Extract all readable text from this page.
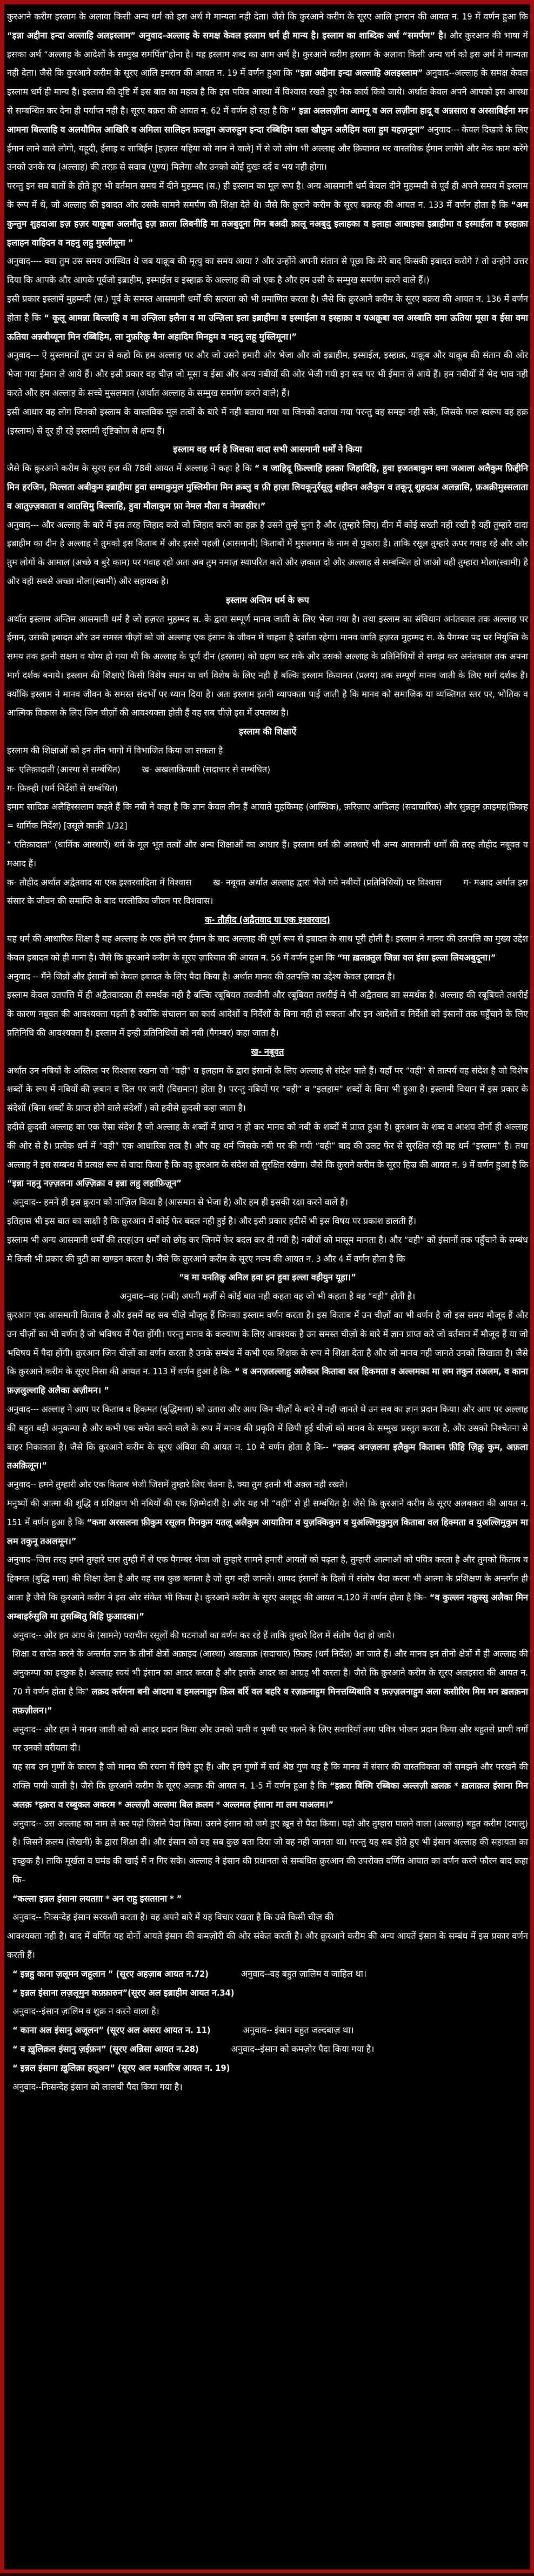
कुरआने करीम इस्लाम के अलावा किसी अन्य धर्म को इस अर्थ मे मान्यता नही देता। जैसे कि कुरआने करीम के सूरए आलि इमरान की आयत न. 19 में वर्णन हुआ कि “इन्ना अद्दीना इन्दा अल्लाहि अलइस्लाम” अनुवाद–अल्लाह के समक्ष केवल इस्लाम धर्म ही मान्य है। इस्लाम का शाब्दिक अर्थ “समर्पण” है। और कुरआन की भाषा में इसका अर्थ “अल्लाह के आदेशों के सम्मुख समर्पित”होना है। यह इस्लाम शब्द का आम अर्थ है। कुरआने करीम इस्लाम के अलावा किसी अन्य धर्म को इस अर्थ मे मान्यता नही देता। जैसे कि कुरआने करीम के सूरए आलि इमरान की आयत न. 19 में वर्णन हुआ कि “इन्ना अद्दीना इन्दा अल्लाहि अलइस्लाम” अनुवाद--अल्लाह के समक्ष केवल इस्लाम धर्म ही मान्य है। इस्लाम की दृष्टि में इस बात का महत्व है कि इस पवित्र आस्था में विश्वास रखते हुए नेक कार्य किये जाये। अर्थात केवल अपने आपको इस आस्था से सम्बन्धित कर देना ही पर्याप्त नही है। सूरए बक़रा की आयत न. 62 में वर्णन हो रहा है कि “ इन्ना अललज़ीना आमनू व अल लज़ीना हादू व अन्नसारा व अस्साबिईना मन आमना बिल्लाहि व अलयौमिल आखिरि व अमिला सालिहन फ़लहुम अजरुहुम इन्दा रब्बिहिम वला खौफ़ुन अलैहिम वला हुम यहज़नूना” अनुवाद--- केवल दिखावे के लिए ईमान लाने वाले लोगो, यहूदी, ईसाइ व साबिईन [हज़रत यहिया को मान ने वाले] में से जो लोग भी अल्लाह और क़ियामत पर वास्तविक ईमान लायेंगे और नेक काम करेंगे उनको उनके रब (अल्लाह) की तरफ़ से सवाब (पुण्य) मिलेगा और उनको कोई दुखः दर्द व भय नही होगा।

परन्तु इन सब बातों के होते हुए भी वर्तमान समय में दीने मुहम्मद (स.) ही इस्लाम का मूल रूप है। अन्य आसमानी धर्म केवल दीने मुहम्मदी से पूर्व ही अपने समय में इस्लाम के रूप में थे, जो अल्लाह की इबादत ओर उसके सामने समर्पण की शिक्षा देते थे। जैसे कि क़ुराने करीम के सूरए बक़रह की आयत न. 133 में वर्णन होता है कि “अम कुन्तुम शुहदाआ इज़ हज़र याकूबा अलमौतु इज़ क़ाला लिबनीहि मा तअबुदूना मिन बअदी क़ालू नअबुदु इलाहका व इलाहा आबाइका इब्राहीमा व इस्माईला व इस्हाक़ा इलाहन वाहिदन व नहनु लहु मुस्लीमूना ”

अनुवाद---- क्या तुम उस समय उपस्थित थे जब याक़ूब की मृत्यु का समय आया ? और उन्होंने अपनी संतान से पूछा कि मेरे बाद किसकी इबादत करोगे ? तो उन्होने उत्तर दिया कि आपके और आपके पूर्वजो इब्राहीम, इस्माईल व इस्हाक़ के अल्लाह की जो एक है और हम उसी के सम्मुख समर्पण करने वाले हैं।)

इसी प्रकार इस्लामें मुहम्मदी (स.) पूर्व के समस्त आसमानी धर्मों की सत्यता को भी प्रमाणित करता है। जैसे कि क़ुरआने करीम के सूरए बक़रा की आयत न. 136 में वर्णन होता है कि “ कूलू आमन्ना बिल्लाहि व मा उन्ज़िला इलैना व मा उन्ज़िला इला इब्राहीमा व इस्माईला व इस्हाक़ा व यअक़ूबा वल अस्बाति वमा ऊतिया मूसा व ईसा वमा ऊतिया अन्नबीय्यूना मिन रब्बिहिम, ला नुफ़रिक़ु बैना अहादिम मिनहुम व नहनु लहू मुस्लिमूना।”

अनुवाद--- ऐ मुस्लमानों तुम उन से कहो कि हम अल्लाह पर और जो उसने हमारी ओर भेजा और जो इब्राहीम, इस्माईल, इस्हाक़, याक़ूब और याक़ूब की संतान की ओर भेजा गया ईमान ले आये हैं। और इसी प्रकार वह चीज़ जो मूसा व ईसा और अन्य नबीयों की ओर भेजी गयी इन सब पर भी ईमान ले आये हैं। हम नबीयों में भेद भाव नही करते और हम अल्लाह के सच्चे मुसलमान (अर्थात अल्लाह के सम्मुख समर्पण करने वाले) हैं।

इसी आधार वह लोग जिनको इस्लाम के वास्तविक मूल तत्वों के बारे में नही बताया गया या जिनको बताया गया परन्तु वह समझ नही सके, जिसके फल स्वरूप वह हक़ (इस्लाम) से दूर ही रहे इस्लामी दृष्टिकोण से क्षम्य हैं।

इस्लाम वह धर्म है जिसका वादा सभी आसमानी धर्मों ने किया

जैसे कि क़ुरआने करीम के सूरए हज की 78वी आयत में अल्लाह ने कहा है कि “ व जाहिदू फ़िल्लाहि हक़्क़ा जिहादिहि, हुवा इजतबाकुम वमा जआला अलैकुम फ़िद्दीनि मिन हरजिन, मिल्लता अबीकुम इब्राहीमा हुवा सम्माकुमुल मुस्लिमीना मिन क़ब्लु व फ़ी हाज़ा लियकूनुर्रसूलु शहीदन अलैकुम व तकूनू शुहदाअ अलन्नासि, फ़अक़ीमुस्सलाता व आतुज़्ज़काता व आतसिमु बिल्लाहि, हुवा मौलाकुम फ़ा नेमल मौला व नेमन्नसीर।”

अनुवाद--- और अल्लाह के बारे में इस तरह जिहाद करो जो जिहाद करने का हक़ है उसने तुम्हे चुना है और (तुम्हारे लिए) दीन में कोई सख्ती नही रखी है यही तुम्हारे दादा इब्राहीम का दीन है अल्लाह ने तुमको इस किताब में और इससे पहली (आसमानी) किताबों में मुसलमान के नाम से पुकारा है। ताकि रसूल तुम्हारे ऊपर गवाह रहे और और तुम लोगों के आमाल (अच्छे व बुरे काम) पर गवाह रहो अतः अब तुम नमाज़ स्थापरित करो और ज़कात दो और अल्लाह से सम्बन्धित हो जाओ वही तुम्हारा मौला(स्वामी) है और वही सबसे अच्छा मौला(स्वामी) और सहायक है।

इस्लाम अन्तिम धर्म के रूप

अर्थात इस्लाम अन्तिम आसमानी धर्म है जो हज़रत मुहम्मद स. के द्वारा सम्पूर्ण मानव जाती के लिए भेजा गया है। तथा इस्लाम का संविधान अनंतकाल तक अल्लाह पर ईमान, उसकी इबादत और उन समस्त चीज़ों को जो अल्लाह एक इंसान के जीवन में चाहता है दर्शाता रहेगा। मानव जाति हज़रत मुहम्मद स. के पैगम्बर पद पर नियुक्ति के समय तक इतनी सक्षम व योग्य हो गया थी कि अल्लाह के पूर्ण दीन (इस्लाम) को ग्रहण कर सके और उसको अल्लाह के प्रतिनिधियों से समझ कर अनंतकाल तक अपना मार्ग दर्शक बनाये। इस्लाम की शिक्षाऐं किसी विशेष स्थान या वर्ग विशेष के लिए नही हैं बल्कि इस्लाम क़ियामत (प्रलय) तक सम्पूर्ण मानव जाती के लिए मार्ग दर्शक है। क्योंकि इस्लाम ने मानव जीवन के समस्त संदर्भों पर ध्यान दिया है। अतः इस्लाम इतनी व्यापकता पाई जाती है कि मानव को समाजिक या व्यक्तिगत स्तर पर, भौतिक व आत्मिक विकास के लिए जिन चीज़ों की आवश्यक्ता होती हैं वह सब चीज़े इस में उपलब्ध है।

इस्लाम की शिक्षाऐं

इस्लाम की शिक्षाओं को इन तीन भागो में विभाजित किया जा सकता है

क- एतिक़ादाती (आस्था से सम्बंधित) ख- अखलाक़ियाती (सदाचार से सम्बंधित)

ग- फ़िक़्ही (धर्म निर्देशों से सम्बंधित)

इमाम सादिक़ अलैहिस्सलाम कहते हैं कि नबी ने कहा है कि ज्ञान केवल तीन हैं आयाते मुहकिमह (आस्थिक), फ़रिज़ाए आदिलह (सदाचारिक) और सुन्नतुन क़ाइमह(फ़िक़्ह = धार्मिक निर्देश) [उसूले काफ़ी 1/32]

“ एतिक़ादात” (धार्मिक आस्थाऐं) धर्म के मूल भूत तत्वों और अन्य शिक्षाओं का आधार हैं। इस्लाम धर्म की आस्थाऐं भी अन्य आसमानी धर्मों की तरह तौहीद नबूवत व मआद हैं।

क- तौहीद अर्थात अद्वैतवाद या एक इश्वरवादिता में विश्वास ख- नबूवत अर्थात अल्लाह द्वारा भेजे गये नबीयों (प्रतिनिधियों) पर विश्वास ग- मआद अर्थात इस संसार के जीवन की समाप्ति के बाद परलोकिय जीवन पर विशवास।

क- तौहीद (अद्वैतवाद या एक इश्वरवाद)

यह धर्म की आधारिक शिक्षा है यह अल्लाह के एक होने पर ईमान के बाद अल्लाह की पूर्ण रूप से इबादत के साथ पूरी होती है। इस्लाम ने मानव की उतपत्ति का मुख्य उद्देश केवल इबादत को ही माना है। जैसे कि क़ुरआने करीम के सूरए ज़ारियात की आयत न. 56 में वर्णन हुआ कि “मा ख़लक़्तुल जिन्ना वल इंसा इल्ला लियअबुदूना।”

अनुवाद -- मैंने जिन्नों और इंसानों को केवल इबादत के लिए पैदा किया है। अर्थात मानव की उतपत्ति का उद्देश्य केवल इबादत है।

इस्लाम केवल उतपत्ति में ही अद्वैतवादका ही समर्थक नही है बल्कि रबूबियत तकवीनी और रबूबियत तशरीई मे भी अद्वैतवाद का समर्थक है। अल्लाह की रबूबियते तशरीई के कारण नबूवत की आवश्यक्ता पड़ती है क्योंकि संचालन का कार्य आदेशों व निर्देशों के बिना नही हो सकता और इन आदेशों व निर्देशो को इंसानों तक पहुँचाने के लिए प्रतिनिधि की आवश्यक्ता है। इस्लाम में इन्ही प्रतिनिधियों को नबी (पैगम्बर) कहा जाता है।

ख- नबूवत

अर्थात उन नबियों के अस्तित्व पर विश्वास रखना जो “वही” व इलहाम के द्वारा इंसानों के लिए अल्लाह से संदेश पाते हैं। यहाँ पर “वही” से तात्पर्य वह संदेश है जो विशेष शब्दों के रूप में नबियों की ज़बान व दिल पर जारी (विद्यमान) होता है। परन्तु नबियों पर “वही” व “इलहाम” शब्दों के बिना भी हुआ है। इस्लामी विधान में इस प्रकार के संदेशों (बिना शब्दों के प्राप्त होने वाले संदेशों ) को हदीसे क़ुदसी कहा जाता है।

हदीसे क़ुदसी अल्लाह का एक ऐसा संदेश है जो अल्लाह के शब्दों में प्राप्त न हो कर मानव को नबी के शब्दों में प्राप्त हुआ है। क़ुरआन के शब्द व आशय दोनों ही अल्लाह की ओर से है। प्रत्येक धर्म में “वही” एक आधारिक तत्व है। और वह धर्म जिसके नबी पर की गयी “वही” बाद की उलट फेर से सुरक्षित रही वह धर्म “इस्लाम” है। तथा अल्लाह ने इस सम्बन्ध में प्रत्यक्ष रूप से वादा किया है कि वह क़ुरआन के संदेश को सुरक्षित रखेगा। जैसे कि क़ुराने करीम के सूरए हिज्र की आयत न. 9 में वर्णन हुआ है कि “इन्ना नहनु नज़्ज़लना अज़्ज़िक्रा व इन्ना लहु लहाफ़िज़ून”

अनुवाद-- हमने ही इस क़ुरान को नाज़िल किया है (आसमान से भेजा है) और हम ही इसकी रक्षा करने वाले हैं।

इतिहास भी इस बात का साक्षी है कि क़ुरआन में कोई फेर बदल नही हुई है। और इसी प्रकार हदीसें भी इस विषय पर प्रकाश डालती हैं।

इस्लाम भी अन्य आसमानी धर्मों की तरह(उन धर्मों को छोड़ कर जिनमें फेर बदल कर दी गयी है) नबीयों को मासूम मानता है। और “वही” को इंसानों तक पहुँचाने के सम्बंध मे किसी भी प्रकार की त्रुटी का खण्डन करता है। जैसे कि क़ुरआने करीम के सूरए नज्म की आयत न. 3 और 4 में वर्णन होता है कि

“व मा यनतिक़ु अनिल हवा इन हुवा इल्ला वहीयुन यूहा।”

अनुवाद--वह (नबी) अपनी मर्ज़ी से कोई बात नही कहता वह जो भी कहता है वह “वही” होती है।

क़ुरआन एक आसमानी किताब है और इसमें वह सब चीज़े मौजूद हैं जिनका इस्लाम वर्णन करता है। इस किताब में उन चीज़ों का भी वर्णन है जो इस समय मौजूद हैं और उन चीज़ों का भी वर्णन है जो भविषय में पैदा होंगी। परन्तु मानव के कल्याण के लिए आवश्यक है उन समस्त चीज़ो के बारे में ज्ञान प्राप्त करे जो वर्तमान में मौजूद हैं या जो भविषय में पैदा होंगी। क़ुरआन जिन चीज़ों का वर्णन करता है उनके सम्बंध में कभी एक शिक्षक के रूप मे शिक्षा देता है और जो मानव नही जानते उनको सिखाता है। जैसे कि क़ुरआने करीम के सूरए निसा की आयत न. 113 में वर्णन हुआ है कि- “ व अनज़लल्लाहु अलैकल किताबा वल हिकमता व अल्लमका मा लम तकुन तअलम, व काना फ़ज़लुल्लाहि अलैका अज़ीमन। ”

अनुवाद--- अल्लाह ने आप पर किताब व हिकमत (बुद्धिमत्ता) को उतारा और आप जिन चीज़ों के बारे में नही जानते थे उन सब का ज्ञान प्रदान किया। और आप पर अल्लाह की बहुत बड़ी अनुकम्पा है और कभी एक सचेत करने वाले के रूप में मानव की प्रकृति में छिपी हुई चीज़ों को मानव के सम्मुख प्रस्तुत करता है, और उसको निश्चेतना से बाहर निकालता है। जैसे कि क़ुरआने करीम के सूरए अंबिया की आयत न. 10 मे वर्णन होता है कि-- “लक़द अनज़लना इलैकुम किताबन फ़ीहि ज़िक्रु कुम, अफ़ला तअक़िलून।”

अनुवाद-- हमने तुम्हारी ओर एक किताब भेजी जिसमें तुम्हारे लिए चेतना है, क्या तुम इतनी भी अक़्ल नही रखते।

मनुष्यों की आत्मा की शुद्धि व प्रशिक्षण भी नबियों की एक ज़िम्मेदारी है। और यह भी “वही” से ही सम्बंधित है। जैसे कि क़ुरआने करीम के सूरए अलबक़रा की आयत न. 151 में वर्णन हुआ है कि “कमा अरसलना फ़ीकुम रसूलन मिनकुम यतलू अलैकुम आयातिना व युज़क्किकुम व युअल्लिमुकुमुल किताबा वल हिक्मता व युअल्लिमुकुम मा लम तकुनू तअलमून।”

अनुवाद--जिस तरह हमने तुम्हारे पास तुम्ही में से एक पैगम्बर भेजा जो तुम्हारे सामने हमारी आयतों को पढ़ता है, तुम्हारी आत्माओं को पवित्र करता है और तुमको किताब व हिक्मत (बुद्धि मत्ता) की शिक्षा देता है और वह सब कुछ बताता है जो तुम नही जानते। शायद इंसानों के दिलों में संतोष पैदा करना भी आत्मा के प्रशिक्षण के अन्तर्गत ही आता है जैसे कि क़ुरआने करीम ने इस ओर संकेत भी किया है। क़ुरआने करीम के सूरए अलहूद की आयत न.120 में वर्णन होता है कि– “व कुल्लन नक़ुस्सु अलैका मिन अम्बाइर्रुसुलि मा तुसब्बितु बिहि फ़ुआदका।”

अनुवाद-- और हम आप के (सामने) पराचीन रसूलों की घटनाओं का वर्णन कर रहे हैं ताकि तुम्हारे दिल में संतोष पैदा हो जाये।

शिक्षा व सचेत करने के अन्तर्गत ज्ञान के तीनों क्षेत्रों अक़ाइद (आस्था) अख़लाक़ (सदाचार) फ़िक़्ह (धर्म निर्देश) आ जाते हैं। और मानव इन तीनो क्षेत्रों में ही अल्लाह की अनुकम्पा का इच्छुक है। अल्लाह स्वयं भी इंसान का आदर करता है और इसके आदर का आग्रह भी करता है। जैसे कि क़ुरआने करीम के सूरए अलइसरा की आयत न. 70 में वर्णन होता है कि“ लक़द कर्रमना बनी आदमा व हमलनाहुम फ़िल बर्रि वल बहरि व रज़क़नाहुम मिनत्तय्यिबाति व फ़ज़्ज़लनाहुम अला कसीरिम मिम मन ख़लक़ना तफ़ज़ीलन।”

अनुवाद-- और हम ने मानव जाती को को आदर प्रदान किया और उनको पानी व पृथ्वी पर चलने के लिए सवारियाँ तथा पवित्र भोजन प्रदान किया और बहुतसे प्राणी वर्गों पर उनको वरीयता दी।

यह सब उन गुणों के कारण है जो मानव की रचना में छिपे हुए हैं। और इन गुणों में सर्व श्रेष्ठ गुण यह है कि मानव में संसार की वास्तविकता को समझने और परखने की शक्ति पायी जाती है। जैसे कि क़ुरआने करीम के सूरए अलक़ की आयत न. 1-5 में वर्णन हुआ है कि “इक़रा बिस्मि रब्बिका अल्लज़ी ख़लक़ * ख़लाक़ल इंसाना मिन अलक़ *इक़रा व रब्बुकल अकरम * अल्लज़ी अल्लमा बिल क़लम * अल्लमल इंसाना मा लम याअलम।”

अनुवाद-- उस अल्लाह का नाम ले कर पढ़ो जिसने पैदा किया। उसने इंसान को जमे हुए ख़ून से पैदा किया। पढ़ो और तुम्हारा पालने वाला (अल्लाह) बहुत करीम (दयालु) है। जिसने क़लम (लेखनी) के द्वारा शिक्षा दी। और इंसान को वह सब कुछ बता दिया जो वह नही जानता था। परन्तु यह सब होते हुए भी इंसान अल्लाह की सहायता का इच्छुक है। ताकि मूर्खता व घमंड की खाई में न गिर सके। अल्लाह ने इंसान की प्रधानता से सम्बंधित क़ुरआन की उपरोक्त वर्णित आयात का वर्णन करने फौरन बाद कहा कि–

“कल्ला इन्नल इंसाना लयतग़ा * अन राहु इसतग़ना * ”

अनुवाद-- निःसन्देह इंसान सरकशी करता है। वह अपने बारे में यह विचार रखता है कि उसे किसी चीज़ की

आवश्यक्ता नही है। बाद में वर्णित यह दोनों आयते इंसान की कमज़ोरी की ओर संकेत करती है। और क़ुरआने करीम की अन्य आयतें इंसान के सम्बंध में इस प्रकार वर्णन करती हैं।

“ इन्नहु काना ज़लूमन जहूलान ” (सूरए अहज़ाब आयत न.72)	अनुवाद--वह बहुत ज़ालिम व जाहिल था।

“ इन्नल इंसाना लज़लूमुन कफ़्फ़ारुन”(सूरए अल इब्राहीम आयत न.34)

अनुवाद--इंसान ज़ालिम व शुक्र न करने वाला है।

“ काना अल इंसानु अजूलन” (सूरए अल असरा आयत न. 11)	अनुवाद-- इंसान बहुत जल्दबाज़ था।

“ व ख़ुलिक़ल इंसानु ज़ईफ़न” (सूरए अन्निसा आयत न.28)	अनुवाद--इंसान को कमज़ोर पैदा किया गया है।

“ इन्नल इंसाना ख़ुलिक़ा हलूअन” (सूरए अल मआरिज आयत न. 19)

अनुवाद--निःसन्देह इंसान को लालची पैदा किया गया है।
